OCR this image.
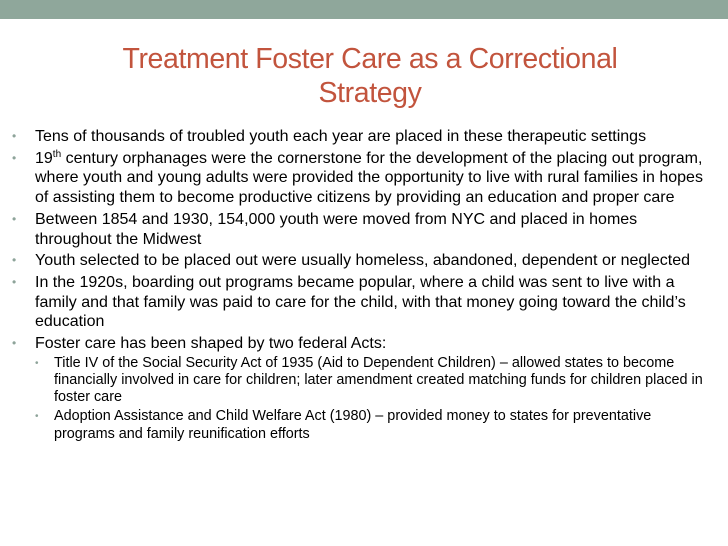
Treatment Foster Care as a Correctional
Strategy
• Tens of thousands of troubled youth each year are placed in these therapeutic settings
• 19th century orphanages were the cornerstone for the development of the placing out program, where youth and young adults were provided the opportunity to live with rural families in hopes of assisting them to become productive citizens by providing an education and proper care
• Between 1854 and 1930, 154,000 youth were moved from NYC and placed in homes throughout the Midwest
• Youth selected to be placed out were usually homeless, abandoned, dependent or neglected
• In the 1920s, boarding out programs became popular, where a child was sent to live with a family and that family was paid to care for the child, with that money going toward the child’s education
• Foster care has been shaped by two federal Acts:
• Title IV of the Social Security Act of 1935 (Aid to Dependent Children) – allowed states to become financially involved in care for children; later amendment created matching funds for children placed in foster care
• Adoption Assistance and Child Welfare Act (1980) – provided money to states for preventative programs and family reunification efforts
